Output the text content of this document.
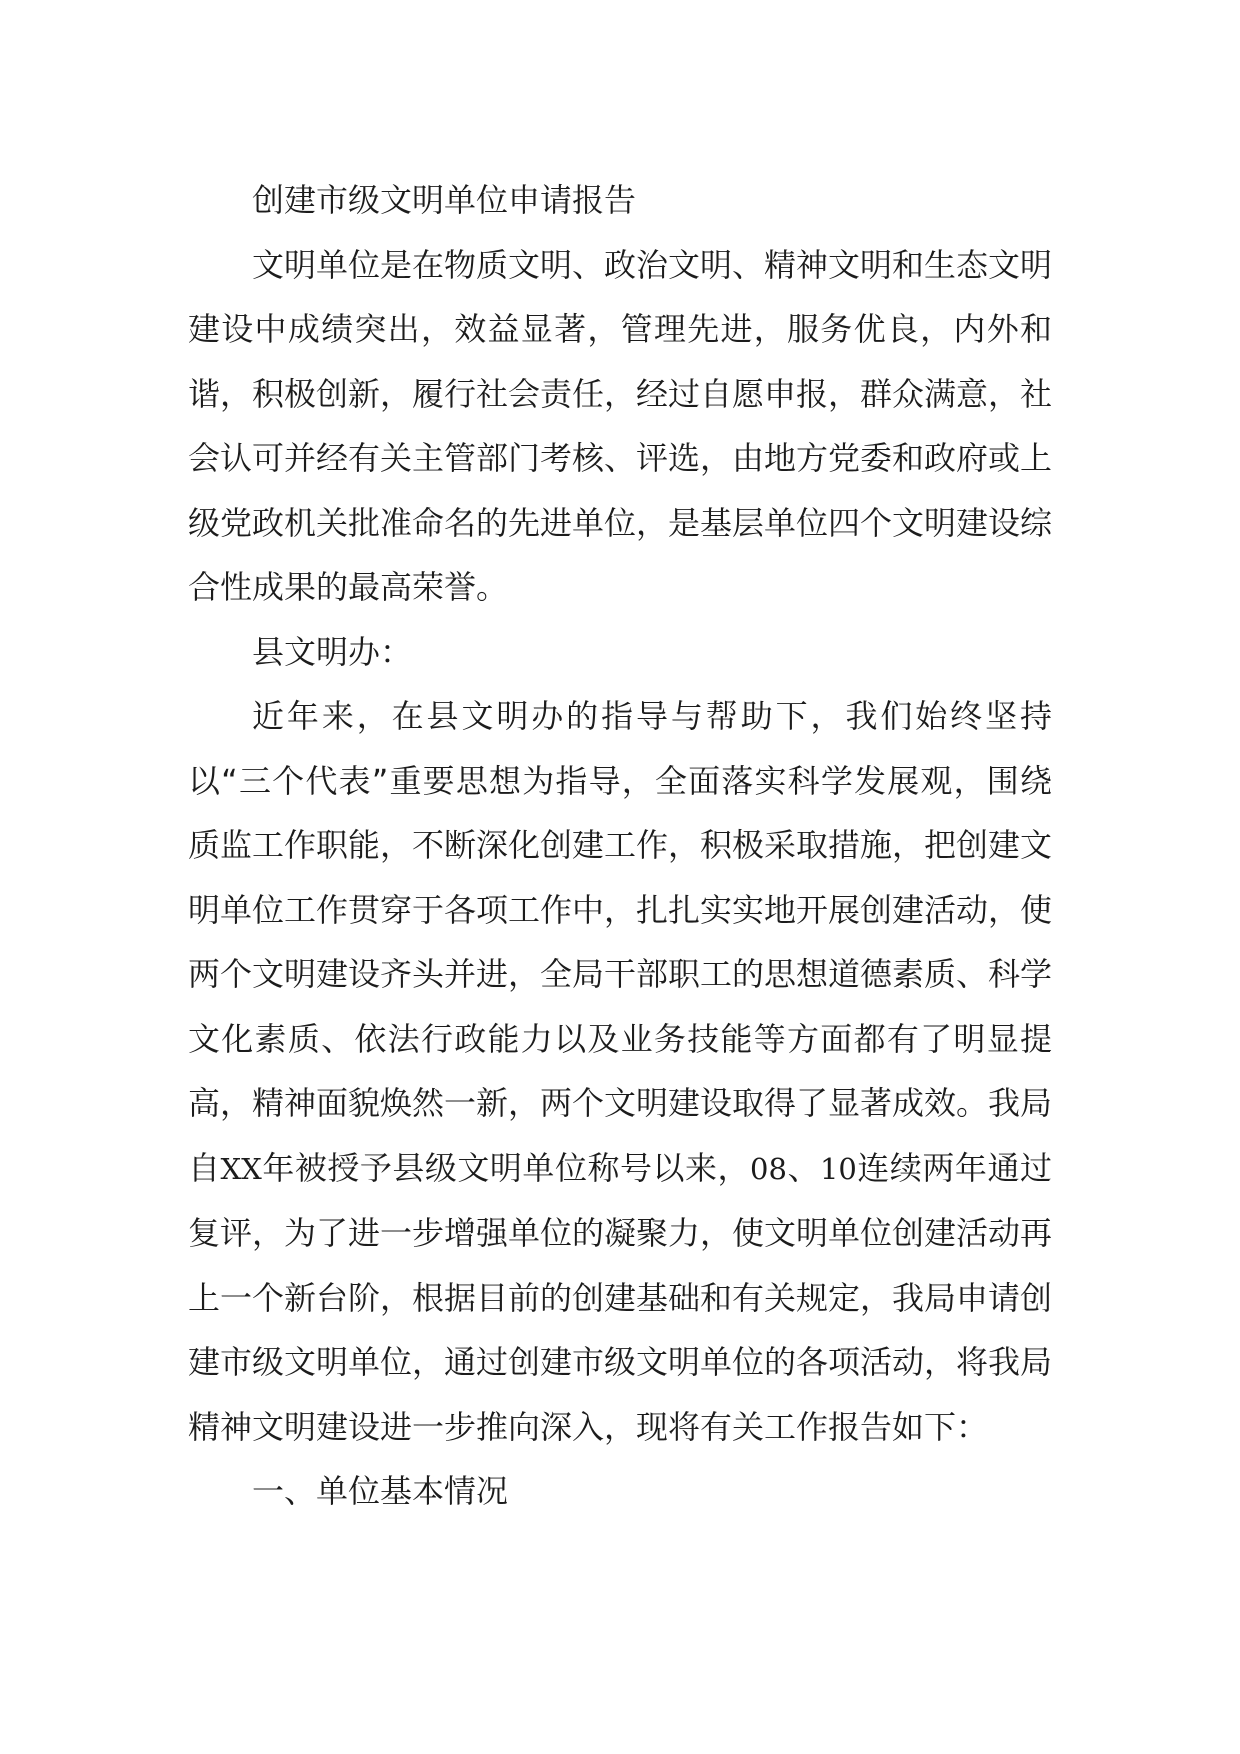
创建市级文明单位申请报告

文明单位是在物质文明、政治文明、精神文明和生态文明建设中成绩突出，效益显著，管理先进，服务优良，内外和谐，积极创新，履行社会责任，经过自愿申报，群众满意，社会认可并经有关主管部门考核、评选，由地方党委和政府或上级党政机关批准命名的先进单位，是基层单位四个文明建设综合性成果的最高荣誉。

县文明办：

近年来，在县文明办的指导与帮助下，我们始终坚持以“三个代表”重要思想为指导，全面落实科学发展观，围绕质监工作职能，不断深化创建工作，积极采取措施，把创建文明单位工作贯穿于各项工作中，扎扎实实地开展创建活动，使两个文明建设齐头并进，全局干部职工的思想道德素质、科学文化素质、依法行政能力以及业务技能等方面都有了明显提高，精神面貌焕然一新，两个文明建设取得了显著成效。我局自XX年被授予县级文明单位称号以来，08、10连续两年通过复评，为了进一步增强单位的凝聚力，使文明单位创建活动再上一个新台阶，根据目前的创建基础和有关规定，我局申请创建市级文明单位，通过创建市级文明单位的各项活动，将我局精神文明建设进一步推向深入，现将有关工作报告如下：

一、单位基本情况
